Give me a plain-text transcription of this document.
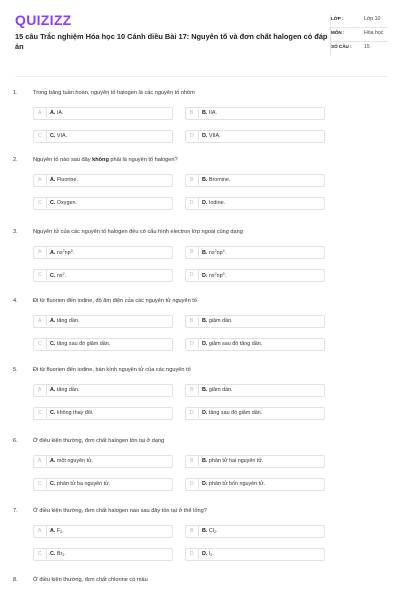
QUIZIZZ
15 câu Trắc nghiệm Hóa học 10 Cánh diều Bài 17: Nguyên tố và đơn chất halogen có đáp án
LỚP :	Lớp 10
MÔN :	Hóa học
SỐ CÂU :	15
1.	Trong bảng tuần hoàn, nguyên tố halogen là các nguyên tố nhóm
A A. IA.	B B. IIA.
C C. VIA.	D D. VIIA.
2.	Nguyên tố nào sau đây không phải là nguyên tố halogen?
A A. Fluorine.	B B. Bromine.
C C. Oxygen.	D D. Iodine.
3.	Nguyên tử của các nguyên tố halogen đều có cấu hình electron lớp ngoài cùng dạng
A A. $ns^2np^3$.	B B. $ns^2np^4$.
C C. $ns^2$.	D D. $ns^2np^5$.
4.	Đi từ fluorien đến iodine, độ âm điện của các nguyên tử nguyên tố
A A. tăng dần.	B B. giảm dần.
C C. tăng sau đó giảm dần.	D D. giảm sau đó tăng dần.
5.	Đi từ fluorien đến iodine, bán kính nguyên tử của các nguyên tố
A A. tăng dần.	B B. giảm dần.
C C. không thay đổi.	D D. tăng sau đó giảm dần.
6.	Ở điều kiện thường, đơn chất halogen tồn tại ở dạng
A A. một nguyên tử.	B B. phân tử hai nguyên tử.
C C. phân tử ba nguyên tử.	D D. phân tử bốn nguyên tử.
7.	Ở điều kiện thường, đơn chất halogen nào sau đây tồn tại ở thể lỏng?
A A. $F_2$.	B B. $Cl_2$.
C C. $Br_2$.	D D. $I_2$.
8.	Ở điều kiện thường, đơn chất chlorine có màu
